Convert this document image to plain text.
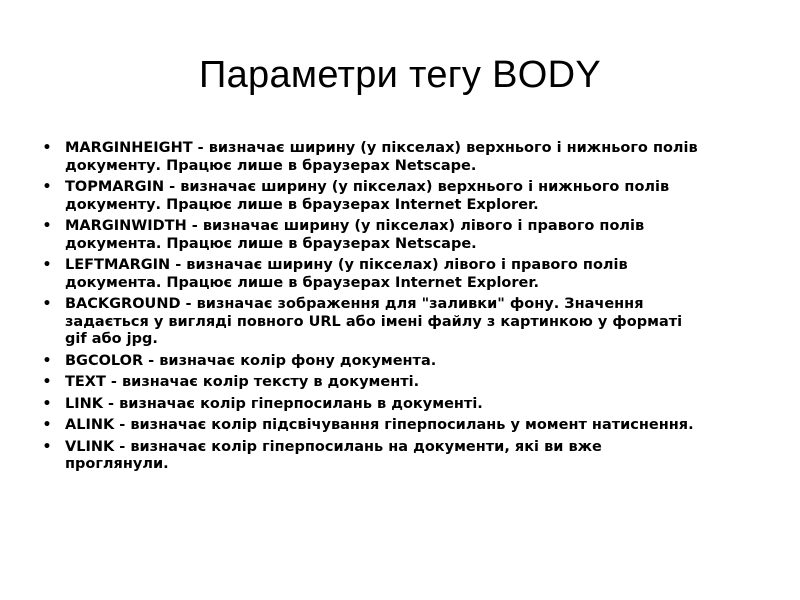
Параметри тегу BODY
• MARGINHEIGHT - визначає ширину (у пікселах) верхнього і нижнього полів документу. Працює лише в браузерах Netscape.
• TOPMARGIN - визначає ширину (у пікселах) верхнього і нижнього полів документу. Працює лише в браузерах Internet Explorer.
• MARGINWIDTH - визначає ширину (у пікселах) лівого і правого полів документа. Працює лише в браузерах Netscape.
• LEFTMARGIN - визначає ширину (у пікселах) лівого і правого полів документа. Працює лише в браузерах Internet Explorer.
• BACKGROUND - визначає зображення для "заливки" фону. Значення задається у вигляді повного URL або імені файлу з картинкою у форматі gif або jpg.
• BGCOLOR - визначає колір фону документа.
• TEXT - визначає колір тексту в документі.
• LINK - визначає колір гіперпосилань в документі.
• ALINK - визначає колір підсвічування гіперпосилань у момент натиснення.
• VLINK - визначає колір гіперпосилань на документи, які ви вже проглянули.
